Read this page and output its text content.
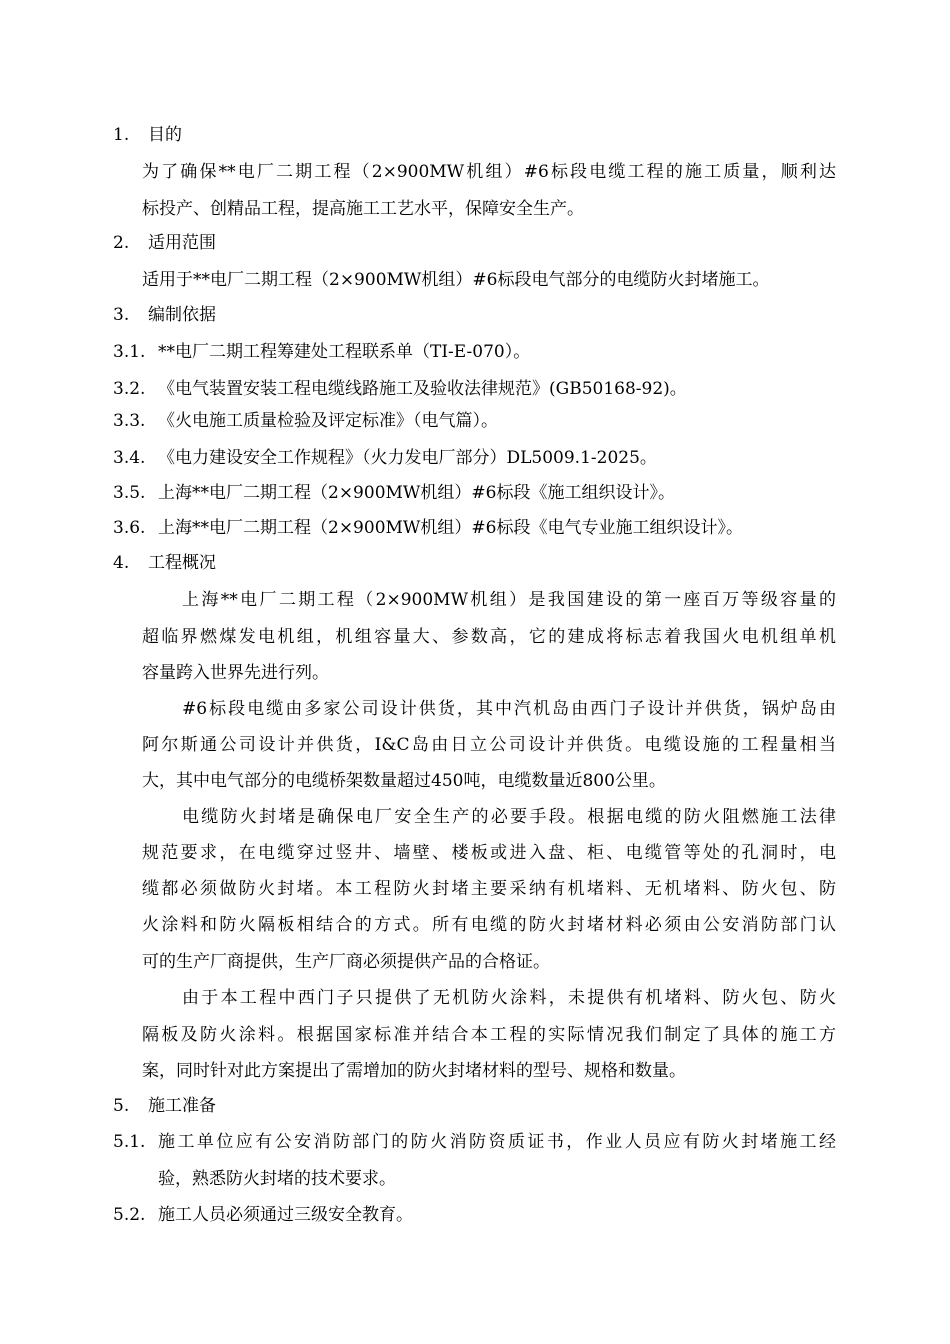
1. 目的
为了确保**电厂二期工程（2×900MW机组）#6标段电缆工程的施工质量，顺利达
标投产、创精品工程，提高施工工艺水平，保障安全生产。
2. 适用范围
适用于**电厂二期工程（2×900MW机组）#6标段电气部分的电缆防火封堵施工。
3. 编制依据
3.1. **电厂二期工程筹建处工程联系单（TI-E-070）。
3.2. 《电气装置安装工程电缆线路施工及验收法律规范》(GB50168-92)。
3.3. 《火电施工质量检验及评定标准》（电气篇）。
3.4. 《电力建设安全工作规程》（火力发电厂部分）DL5009.1-2025。
3.5. 上海**电厂二期工程（2×900MW机组）#6标段《施工组织设计》。
3.6. 上海**电厂二期工程（2×900MW机组）#6标段《电气专业施工组织设计》。
4. 工程概况
上海**电厂二期工程（2×900MW机组）是我国建设的第一座百万等级容量的
超临界燃煤发电机组，机组容量大、参数高，它的建成将标志着我国火电机组单机
容量跨入世界先进行列。
#6标段电缆由多家公司设计供货，其中汽机岛由西门子设计并供货，锅炉岛由
阿尔斯通公司设计并供货，I&C岛由日立公司设计并供货。电缆设施的工程量相当
大，其中电气部分的电缆桥架数量超过450吨，电缆数量近800公里。
电缆防火封堵是确保电厂安全生产的必要手段。根据电缆的防火阻燃施工法律
规范要求，在电缆穿过竖井、墙壁、楼板或进入盘、柜、电缆管等处的孔洞时，电
缆都必须做防火封堵。本工程防火封堵主要采纳有机堵料、无机堵料、防火包、防
火涂料和防火隔板相结合的方式。所有电缆的防火封堵材料必须由公安消防部门认
可的生产厂商提供，生产厂商必须提供产品的合格证。
由于本工程中西门子只提供了无机防火涂料，未提供有机堵料、防火包、防火
隔板及防火涂料。根据国家标准并结合本工程的实际情况我们制定了具体的施工方
案，同时针对此方案提出了需增加的防火封堵材料的型号、规格和数量。
5. 施工准备
5.1. 施工单位应有公安消防部门的防火消防资质证书，作业人员应有防火封堵施工经
验，熟悉防火封堵的技术要求。
5.2. 施工人员必须通过三级安全教育。
